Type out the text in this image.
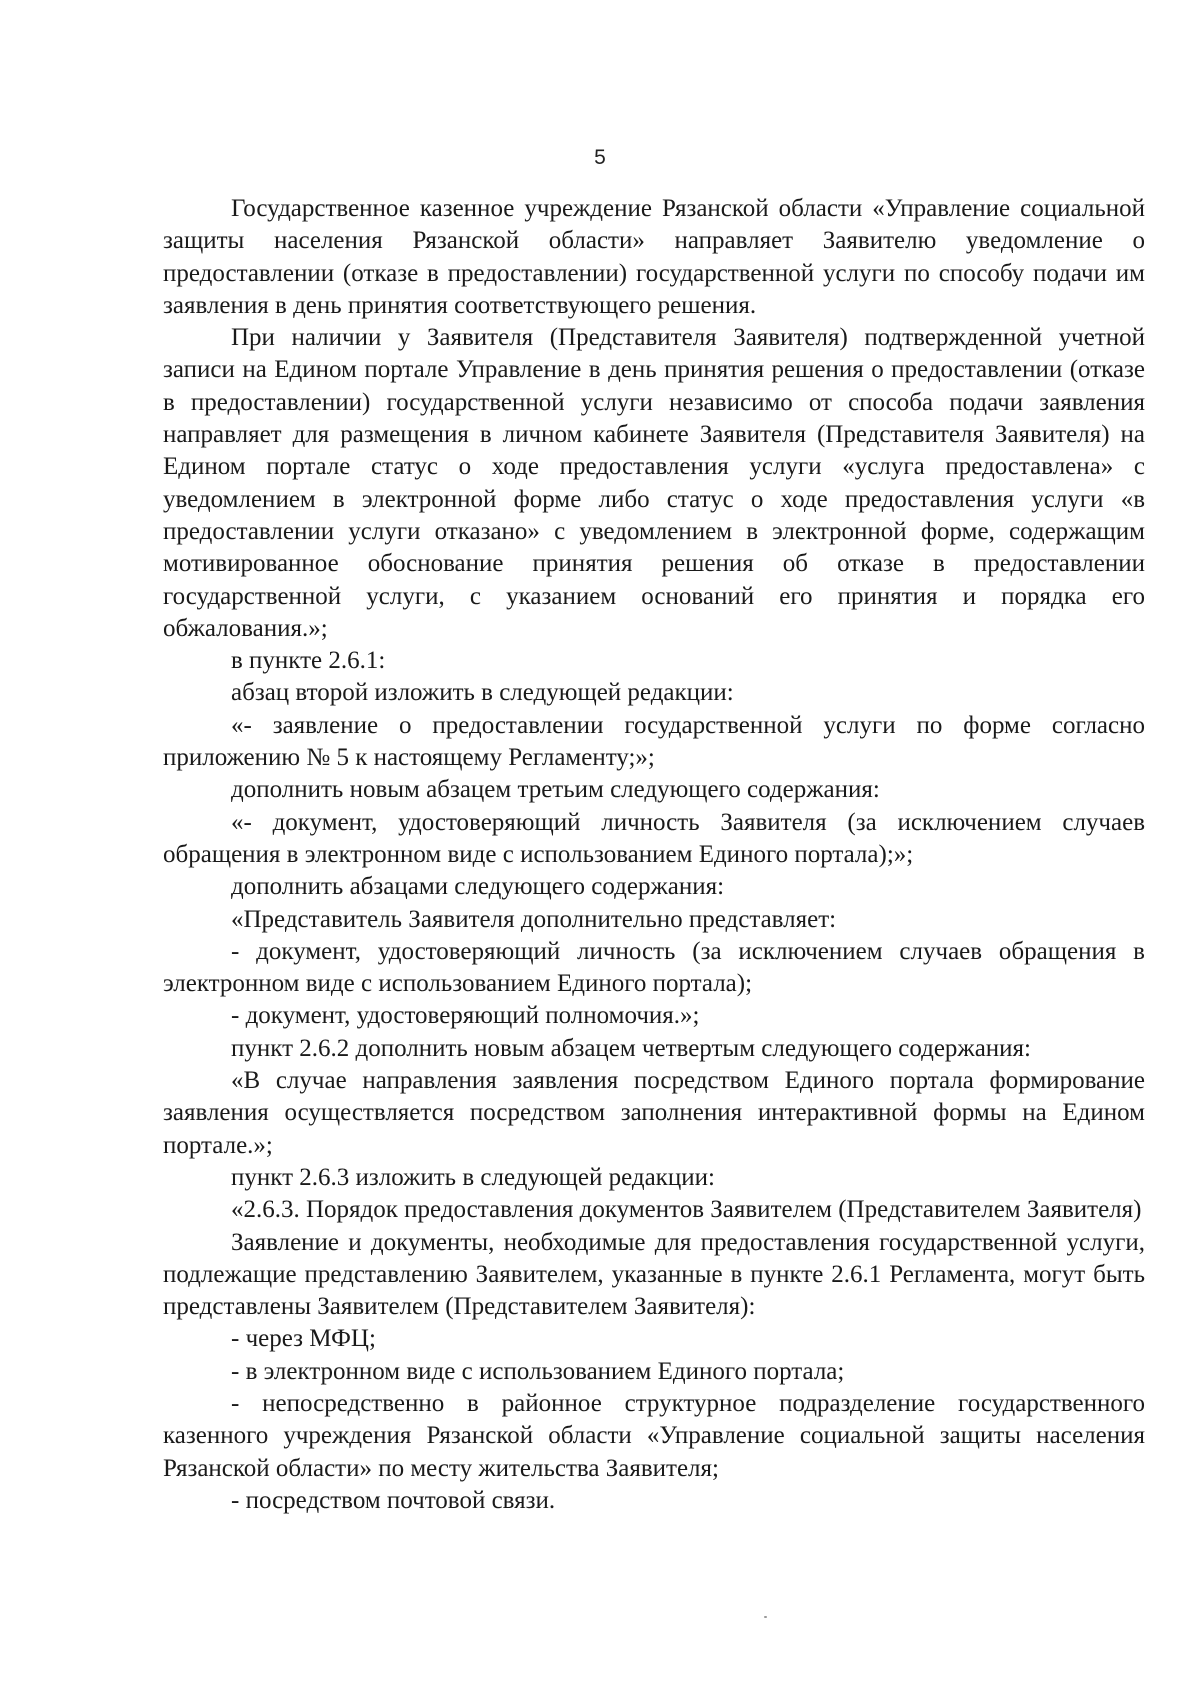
5

Государственное казенное учреждение Рязанской области «Управление социальной защиты населения Рязанской области» направляет Заявителю уведомление о предоставлении (отказе в предоставлении) государственной услуги по способу подачи им заявления в день принятия соответствующего решения.

При наличии у Заявителя (Представителя Заявителя) подтвержденной учетной записи на Едином портале Управление в день принятия решения о предоставлении (отказе в предоставлении) государственной услуги независимо от способа подачи заявления направляет для размещения в личном кабинете Заявителя (Представителя Заявителя) на Едином портале статус о ходе предоставления услуги «услуга предоставлена» с уведомлением в электронной форме либо статус о ходе предоставления услуги «в предоставлении услуги отказано» с уведомлением в электронной форме, содержащим мотивированное обоснование принятия решения об отказе в предоставлении государственной услуги, с указанием оснований его принятия и порядка его обжалования.»;

в пункте 2.6.1:

абзац второй изложить в следующей редакции:

«- заявление о предоставлении государственной услуги по форме согласно приложению № 5 к настоящему Регламенту;»;

дополнить новым абзацем третьим следующего содержания:

«- документ, удостоверяющий личность Заявителя (за исключением случаев обращения в электронном виде с использованием Единого портала);»;

дополнить абзацами следующего содержания:

«Представитель Заявителя дополнительно представляет:

- документ, удостоверяющий личность (за исключением случаев обращения в электронном виде с использованием Единого портала);

- документ, удостоверяющий полномочия.»;

пункт 2.6.2 дополнить новым абзацем четвертым следующего содержания:

«В случае направления заявления посредством Единого портала формирование заявления осуществляется посредством заполнения интерактивной формы на Едином портале.»;

пункт 2.6.3 изложить в следующей редакции:

«2.6.3. Порядок предоставления документов Заявителем (Представителем Заявителя)

Заявление и документы, необходимые для предоставления государственной услуги, подлежащие представлению Заявителем, указанные в пункте 2.6.1 Регламента, могут быть представлены Заявителем (Представителем Заявителя):

- через МФЦ;

- в электронном виде с использованием Единого портала;

- непосредственно в районное структурное подразделение государственного казенного учреждения Рязанской области «Управление социальной защиты населения Рязанской области» по месту жительства Заявителя;

- посредством почтовой связи.
